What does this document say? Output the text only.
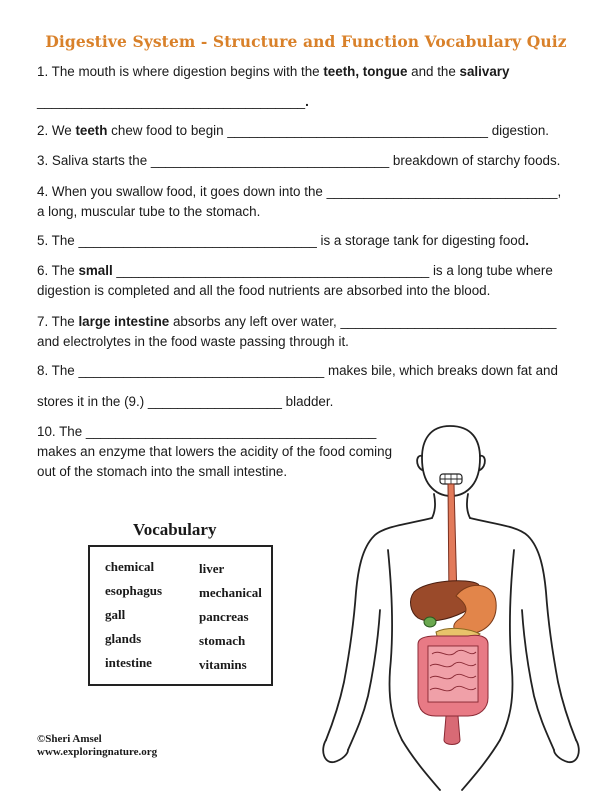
Digestive System - Structure and Function Vocabulary Quiz
1. The mouth is where digestion begins with the teeth, tongue and the salivary
____________________________________.
2. We teeth chew food to begin ___________________________________ digestion.
3. Saliva starts the ________________________________ breakdown of starchy foods.
4. When you swallow food, it goes down into the _______________________________,
a long, muscular tube to the stomach.
5. The ________________________________ is a storage tank for digesting food.
6. The small __________________________________________ is a long tube where
digestion is completed and all the food nutrients are absorbed into the blood.
7. The large intestine absorbs any left over water, _____________________________
and electrolytes in the food waste passing through it.
8. The _________________________________ makes bile, which breaks down fat and
stores it in the (9.) __________________ bladder.
10. The _______________________________________
makes an enzyme that lowers the acidity of the food coming
out of the stomach into the small intestine.
Vocabulary
chemical
esophagus
gall
glands
intestine
liver
mechanical
pancreas
stomach
vitamins
©Sheri Amsel
www.exploringnature.org
